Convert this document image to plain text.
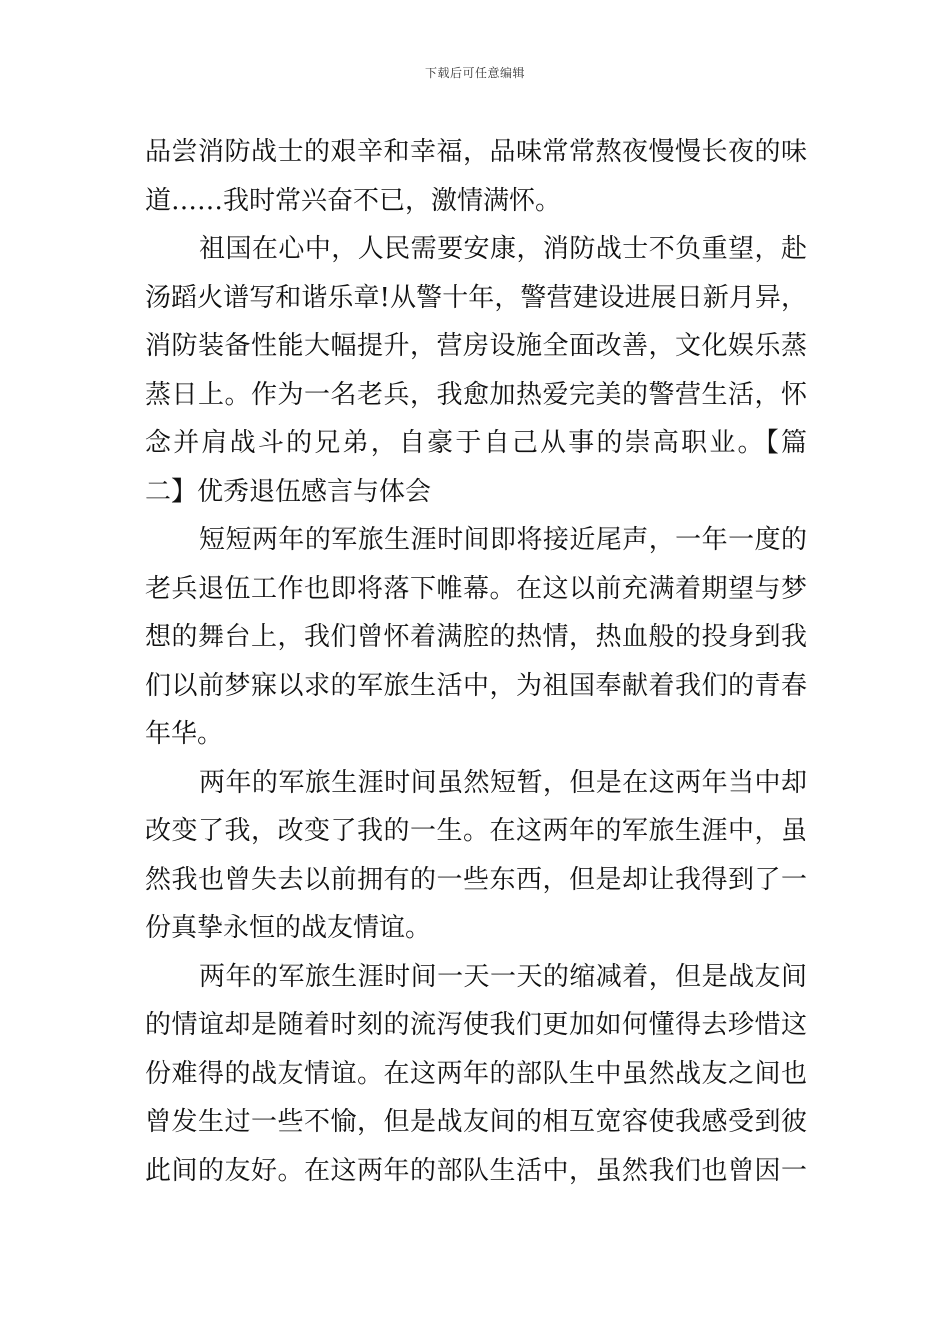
下载后可任意编辑
品尝消防战士的艰辛和幸福，品味常常熬夜慢慢长夜的味
道……我时常兴奋不已，激情满怀。
祖国在心中，人民需要安康，消防战士不负重望，赴
汤蹈火谱写和谐乐章!从警十年，警营建设进展日新月异，
消防装备性能大幅提升，营房设施全面改善，文化娱乐蒸
蒸日上。作为一名老兵，我愈加热爱完美的警营生活，怀
念并肩战斗的兄弟，自豪于自己从事的崇高职业。【篇
二】优秀退伍感言与体会
短短两年的军旅生涯时间即将接近尾声，一年一度的
老兵退伍工作也即将落下帷幕。在这以前充满着期望与梦
想的舞台上，我们曾怀着满腔的热情，热血般的投身到我
们以前梦寐以求的军旅生活中，为祖国奉献着我们的青春
年华。
两年的军旅生涯时间虽然短暂，但是在这两年当中却
改变了我，改变了我的一生。在这两年的军旅生涯中，虽
然我也曾失去以前拥有的一些东西，但是却让我得到了一
份真挚永恒的战友情谊。
两年的军旅生涯时间一天一天的缩减着，但是战友间
的情谊却是随着时刻的流泻使我们更加如何懂得去珍惜这
份难得的战友情谊。在这两年的部队生中虽然战友之间也
曾发生过一些不愉，但是战友间的相互宽容使我感受到彼
此间的友好。在这两年的部队生活中，虽然我们也曾因一
